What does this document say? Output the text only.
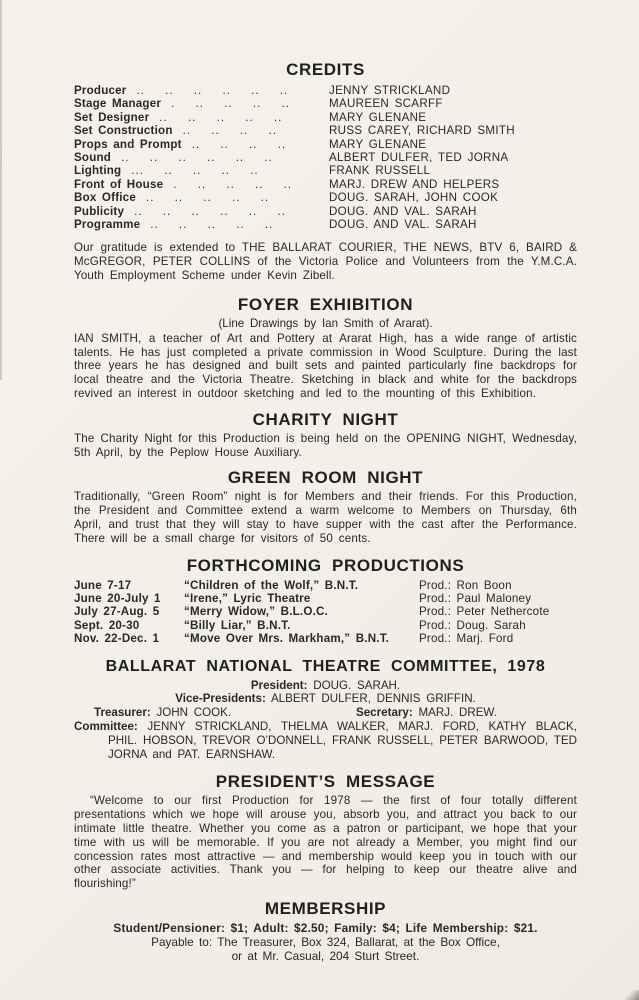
CREDITS
Producer .. .. .. .. .. ..	JENNY STRICKLAND
Stage Manager . .. .. .. ..	MAUREEN SCARFF
Set Designer .. .. .. .. ..	MARY GLENANE
Set Construction .. .. .. ..	RUSS CAREY, RICHARD SMITH
Props and Prompt .. .. .. ..	MARY GLENANE
Sound .. .. .. .. .. ..	ALBERT DULFER, TED JORNA
Lighting ... .. .. .. ..	FRANK RUSSELL
Front of House . .. .. .. ..	MARJ. DREW AND HELPERS
Box Office .. .. .. .. ..	DOUG. SARAH, JOHN COOK
Publicity .. .. .. .. .. ..	DOUG. AND VAL. SARAH
Programme .. .. .. .. ..	DOUG. AND VAL. SARAH

Our gratitude is extended to THE BALLARAT COURIER, THE NEWS, BTV 6, BAIRD & McGREGOR, PETER COLLINS of the Victoria Police and Volunteers from the Y.M.C.A. Youth Employment Scheme under Kevin Zibell.

FOYER EXHIBITION

(Line Drawings by Ian Smith of Ararat).

IAN SMITH, a teacher of Art and Pottery at Ararat High, has a wide range of artistic talents. He has just completed a private commission in Wood Sculpture. During the last three years he has designed and built sets and painted particularly fine backdrops for local theatre and the Victoria Theatre. Sketching in black and white for the backdrops revived an interest in outdoor sketching and led to the mounting of this Exhibition.

CHARITY NIGHT

The Charity Night for this Production is being held on the OPENING NIGHT, Wednesday, 5th April, by the Peplow House Auxiliary.

GREEN ROOM NIGHT

Traditionally, “Green Room” night is for Members and their friends. For this Production, the President and Committee extend a warm welcome to Members on Thursday, 6th April, and trust that they will stay to have supper with the cast after the Performance. There will be a small charge for visitors of 50 cents.

FORTHCOMING PRODUCTIONS
June 7-17	“Children of the Wolf,” B.N.T.	Prod.: Ron Boon
June 20-July 1	“Irene,” Lyric Theatre	Prod.: Paul Maloney
July 27-Aug. 5	“Merry Widow,” B.L.O.C.	Prod.: Peter Nethercote
Sept. 20-30	“Billy Liar,” B.N.T.	Prod.: Doug. Sarah
Nov. 22-Dec. 1	“Move Over Mrs. Markham,” B.N.T.	Prod.: Marj. Ford
BALLARAT NATIONAL THEATRE COMMITTEE, 1978

President: DOUG. SARAH.

Vice-Presidents: ALBERT DULFER, DENNIS GRIFFIN.

Treasurer: JOHN COOK.	Secretary: MARJ. DREW.

Committee: JENNY STRICKLAND, THELMA WALKER, MARJ. FORD, KATHY BLACK, PHIL. HOBSON, TREVOR O’DONNELL, FRANK RUSSELL, PETER BARWOOD, TED JORNA and PAT. EARNSHAW.

PRESIDENT’S MESSAGE

“Welcome to our first Production for 1978 — the first of four totally different presentations which we hope will arouse you, absorb you, and attract you back to our intimate little theatre. Whether you come as a patron or participant, we hope that your time with us will be memorable. If you are not already a Member, you might find our concession rates most attractive — and membership would keep you in touch with our other associate activities. Thank you — for helping to keep our theatre alive and flourishing!”

MEMBERSHIP

Student/Pensioner: $1; Adult: $2.50; Family: $4; Life Membership: $21.

Payable to: The Treasurer, Box 324, Ballarat, at the Box Office,

or at Mr. Casual, 204 Sturt Street.
